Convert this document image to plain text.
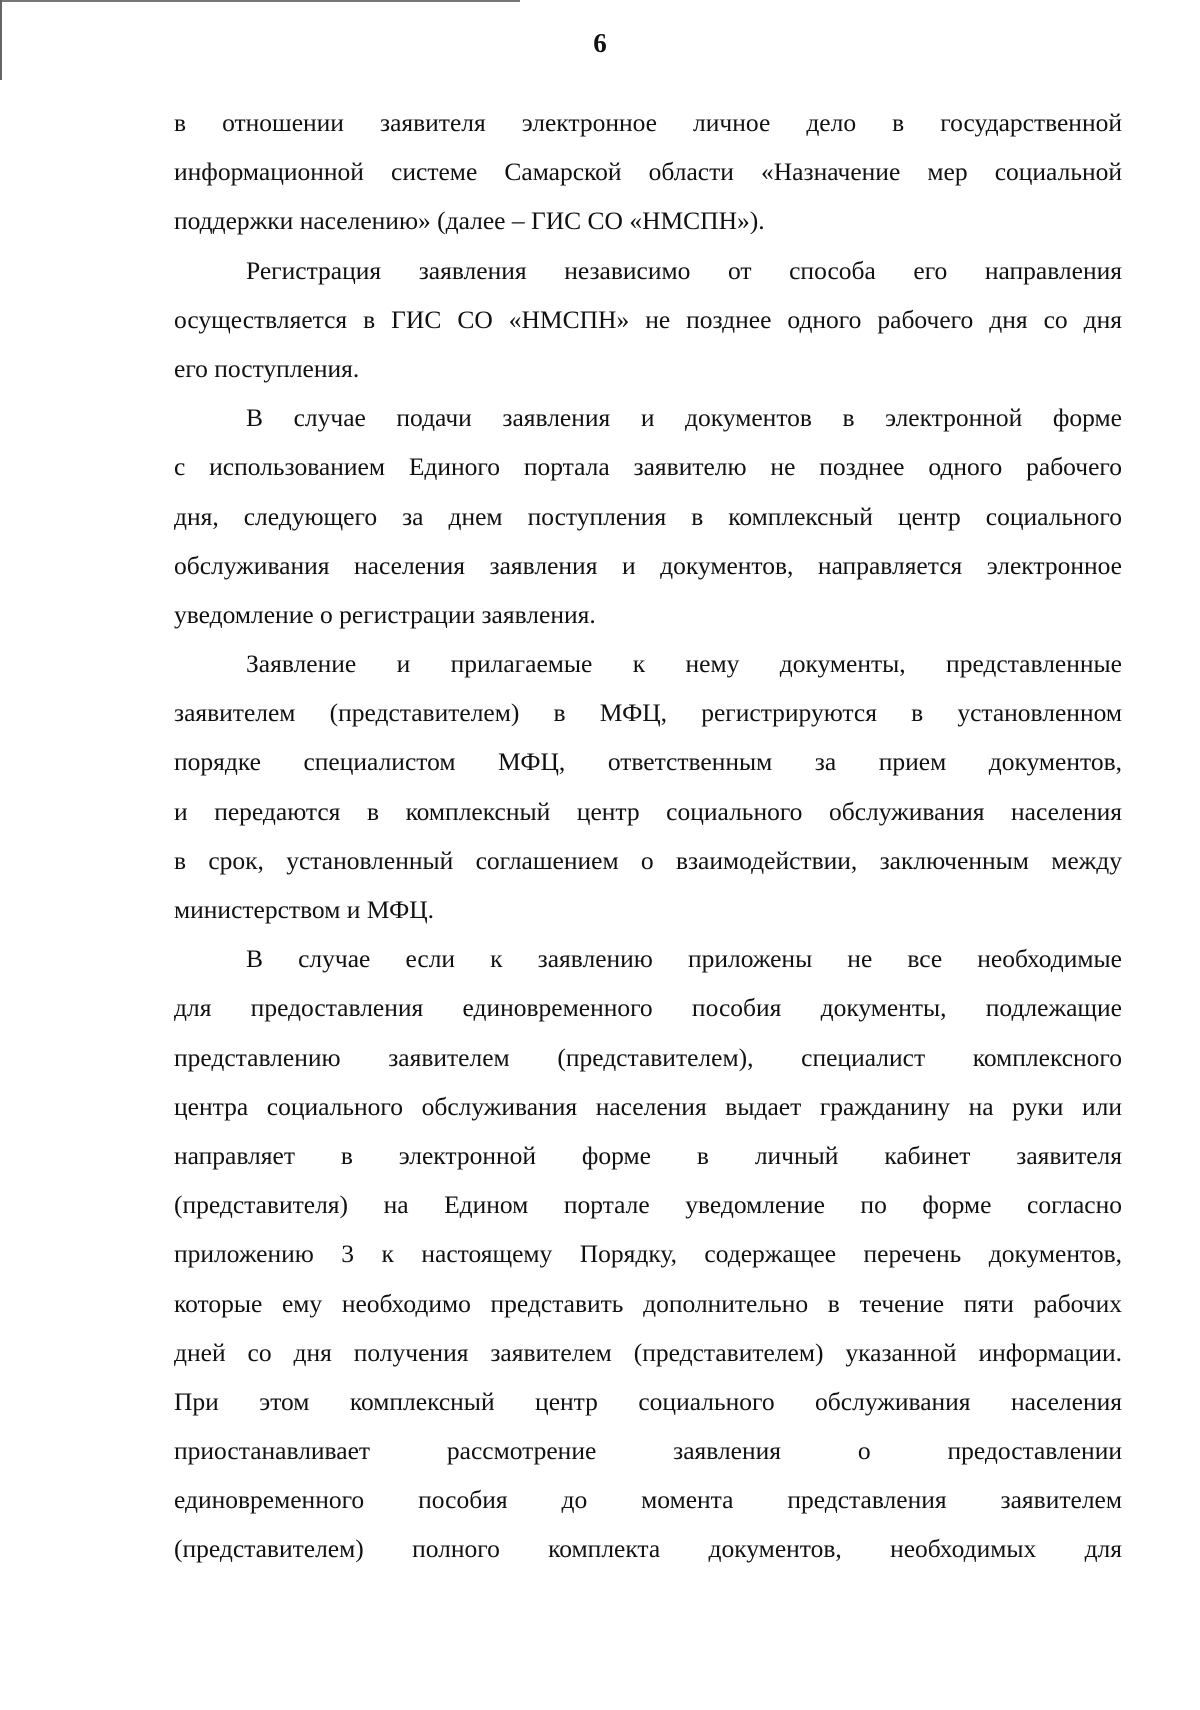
6
в отношении заявителя электронное личное дело в государственной
информационной системе Самарской области «Назначение мер социальной
поддержки населению» (далее – ГИС СО «НМСПН»).
Регистрация заявления независимо от способа его направления
осуществляется в ГИС СО «НМСПН» не позднее одного рабочего дня со дня
его поступления.
В случае подачи заявления и документов в электронной форме
с использованием Единого портала заявителю не позднее одного рабочего
дня, следующего за днем поступления в комплексный центр социального
обслуживания населения заявления и документов, направляется электронное
уведомление о регистрации заявления.
Заявление и прилагаемые к нему документы, представленные
заявителем (представителем) в МФЦ, регистрируются в установленном
порядке специалистом МФЦ, ответственным за прием документов,
и передаются в комплексный центр социального обслуживания населения
в срок, установленный соглашением о взаимодействии, заключенным между
министерством и МФЦ.
В случае если к заявлению приложены не все необходимые
для предоставления единовременного пособия документы, подлежащие
представлению заявителем (представителем), специалист комплексного
центра социального обслуживания населения выдает гражданину на руки или
направляет в электронной форме в личный кабинет заявителя
(представителя) на Едином портале уведомление по форме согласно
приложению 3 к настоящему Порядку, содержащее перечень документов,
которые ему необходимо представить дополнительно в течение пяти рабочих
дней со дня получения заявителем (представителем) указанной информации.
При этом комплексный центр социального обслуживания населения
приостанавливает рассмотрение заявления о предоставлении
единовременного пособия до момента представления заявителем
(представителем) полного комплекта документов, необходимых для
